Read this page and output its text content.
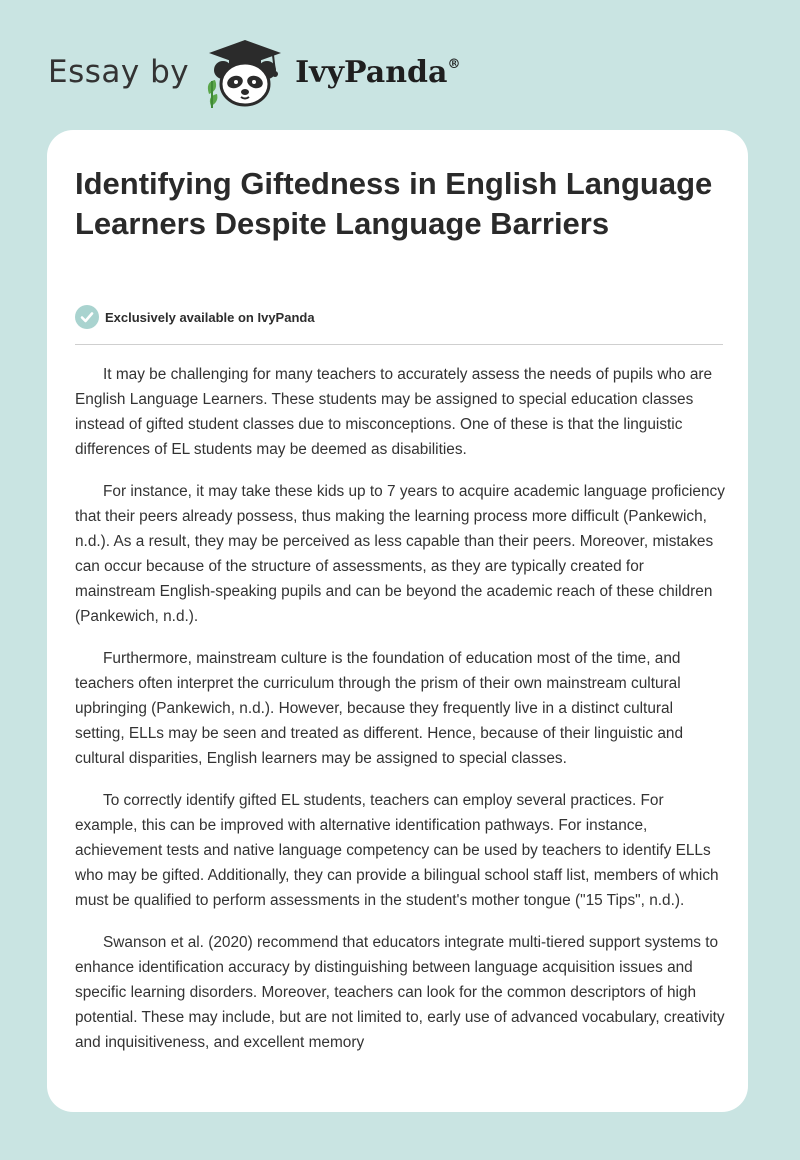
Essay by	IvyPanda®
Identifying Giftedness in English Language Learners Despite Language Barriers
Exclusively available on IvyPanda

It may be challenging for many teachers to accurately assess the needs of pupils who are English Language Learners. These students may be assigned to special education classes instead of gifted student classes due to misconceptions. One of these is that the linguistic differences of EL students may be deemed as disabilities.

For instance, it may take these kids up to 7 years to acquire academic language proficiency that their peers already possess, thus making the learning process more difficult (Pankewich, n.d.). As a result, they may be perceived as less capable than their peers. Moreover, mistakes can occur because of the structure of assessments, as they are typically created for mainstream English-speaking pupils and can be beyond the academic reach of these children (Pankewich, n.d.).

Furthermore, mainstream culture is the foundation of education most of the time, and teachers often interpret the curriculum through the prism of their own mainstream cultural upbringing (Pankewich, n.d.). However, because they frequently live in a distinct cultural setting, ELLs may be seen and treated as different. Hence, because of their linguistic and cultural disparities, English learners may be assigned to special classes.

To correctly identify gifted EL students, teachers can employ several practices. For example, this can be improved with alternative identification pathways. For instance, achievement tests and native language competency can be used by teachers to identify ELLs who may be gifted. Additionally, they can provide a bilingual school staff list, members of which must be qualified to perform assessments in the student's mother tongue ("15 Tips", n.d.).

Swanson et al. (2020) recommend that educators integrate multi-tiered support systems to enhance identification accuracy by distinguishing between language acquisition issues and specific learning disorders. Moreover, teachers can look for the common descriptors of high potential. These may include, but are not limited to, early use of advanced vocabulary, creativity and inquisitiveness, and excellent memory
